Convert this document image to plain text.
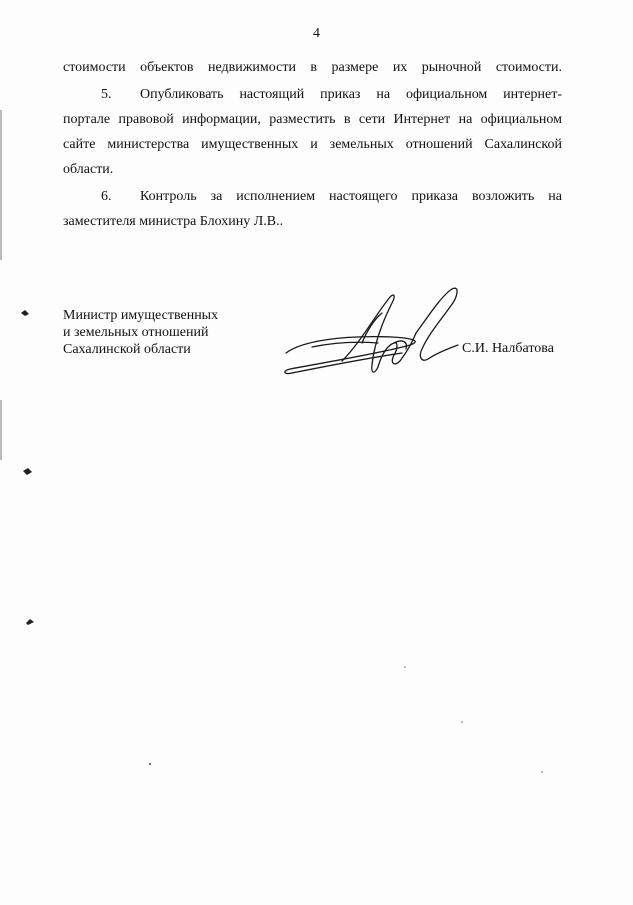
4
стоимости объектов недвижимости в размере их рыночной стоимости.
5. Опубликовать настоящий приказ на официальном интернет-
портале правовой информации, разместить в сети Интернет на официальном
сайте министерства имущественных и земельных отношений Сахалинской
области.
6. Контроль за исполнением настоящего приказа возложить на
заместителя министра Блохину Л.В..
Министр имущественных
и земельных отношений
Сахалинской области	С.И. Налбатова
